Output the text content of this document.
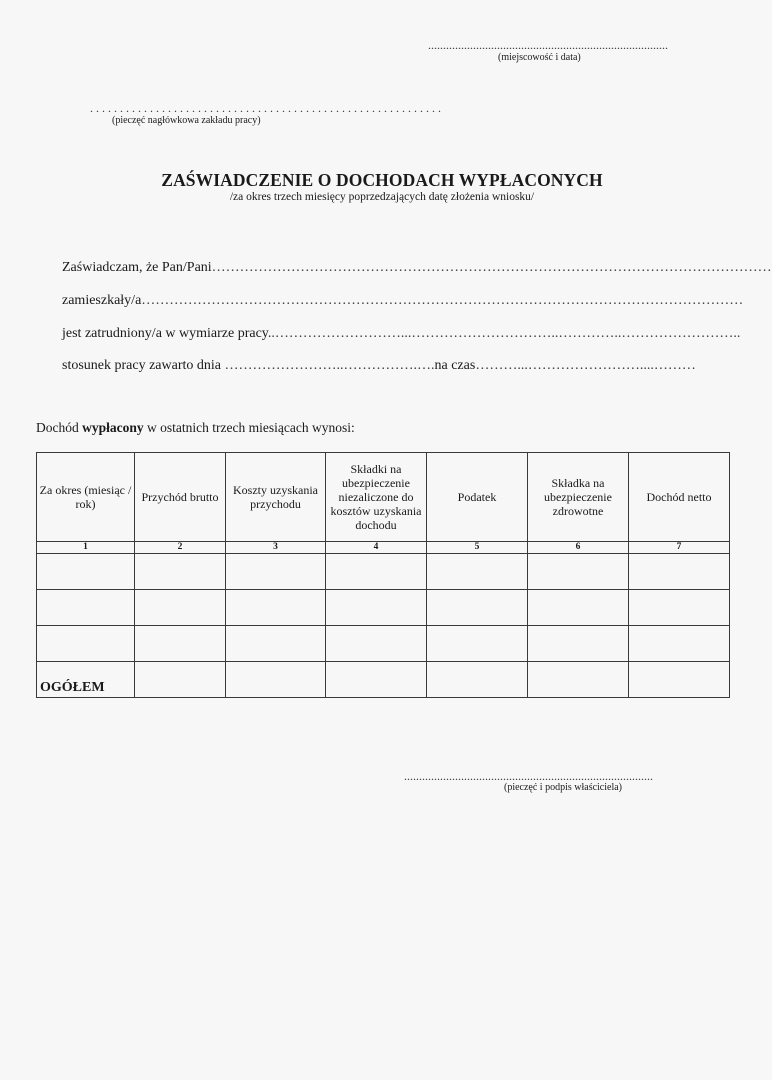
................................................................................
(miejscowość i data)
. . . . . . . . . . . . . . . . . . . . . . . . . . . . . . . . . . . . . . . . . . . . . . . . . . . . . . . . . . .
(pieczęć nagłówkowa zakładu pracy)
ZAŚWIADCZENIE O DOCHODACH WYPŁACONYCH
/za okres trzech miesięcy poprzedzających datę złożenia wniosku/
Zaświadczam, że Pan/Pani…………………………………………………………………………………………………………
zamieszkały/a…………………………………………………………………………………………………………………
jest zatrudniony/a w wymiarze pracy..………………………...…………………………..…………..……………………..
stosunek pracy zawarto dnia ……………………..…………….….na czas………...……………………....………
Dochód wypłacony w ostatnich trzech miesiącach wynosi:
Za okres (miesiąc / rok)	Przychód brutto	Koszty uzyskania przychodu	Składki na ubezpieczenie niezaliczone do kosztów uzyskania dochodu	Podatek	Składka na ubezpieczenie zdrowotne	Dochód netto
1	2	3	4	5	6	7

OGÓŁEM						
...................................................................................
(pieczęć i podpis właściciela)
